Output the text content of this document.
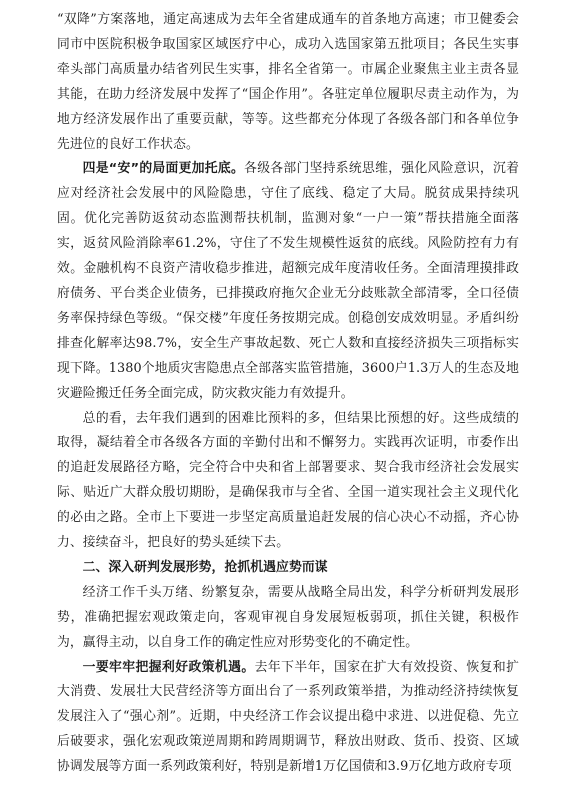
“双降”方案落地，通定高速成为去年全省建成通车的首条地方高速；市卫健委会同市中医院积极争取国家区域医疗中心，成功入选国家第五批项目；各民生实事牵头部门高质量办结省列民生实事，排名全省第一。市属企业聚焦主业主责各显其能，在助力经济发展中发挥了“国企作用”。各驻定单位履职尽责主动作为，为地方经济发展作出了重要贡献，等等。这些都充分体现了各级各部门和各单位争先进位的良好工作状态。

四是“安”的局面更加托底。各级各部门坚持系统思维，强化风险意识，沉着应对经济社会发展中的风险隐患，守住了底线、稳定了大局。脱贫成果持续巩固。优化完善防返贫动态监测帮扶机制，监测对象“一户一策”帮扶措施全面落实，返贫风险消除率61.2%，守住了不发生规模性返贫的底线。风险防控有力有效。金融机构不良资产清收稳步推进，超额完成年度清收任务。全面清理摸排政府债务、平台类企业债务，已排摸政府拖欠企业无分歧账款全部清零，全口径债务率保持绿色等级。“保交楼”年度任务按期完成。创稳创安成效明显。矛盾纠纷排查化解率达98.7%，安全生产事故起数、死亡人数和直接经济损失三项指标实现下降。1380个地质灾害隐患点全部落实监管措施，3600户1.3万人的生态及地灾避险搬迁任务全面完成，防灾救灾能力有效提升。

总的看，去年我们遇到的困难比预料的多，但结果比预想的好。这些成绩的取得，凝结着全市各级各方面的辛勤付出和不懈努力。实践再次证明，市委作出的追赶发展路径方略，完全符合中央和省上部署要求、契合我市经济社会发展实际、贴近广大群众殷切期盼，是确保我市与全省、全国一道实现社会主义现代化的必由之路。全市上下要进一步坚定高质量追赶发展的信心决心不动摇，齐心协力、接续奋斗，把良好的势头延续下去。

二、深入研判发展形势，抢抓机遇应势而谋

经济工作千头万绪、纷繁复杂，需要从战略全局出发，科学分析研判发展形势，准确把握宏观政策走向，客观审视自身发展短板弱项，抓住关键，积极作为，赢得主动，以自身工作的确定性应对形势变化的不确定性。

一要牢牢把握利好政策机遇。去年下半年，国家在扩大有效投资、恢复和扩大消费、发展壮大民营经济等方面出台了一系列政策举措，为推动经济持续恢复发展注入了“强心剂”。近期，中央经济工作会议提出稳中求进、以进促稳、先立后破要求，强化宏观政策逆周期和跨周期调节，释放出财政、货币、投资、区域协调发展等方面一系列政策利好，特别是新增1万亿国债和3.9万亿地方政府专项
